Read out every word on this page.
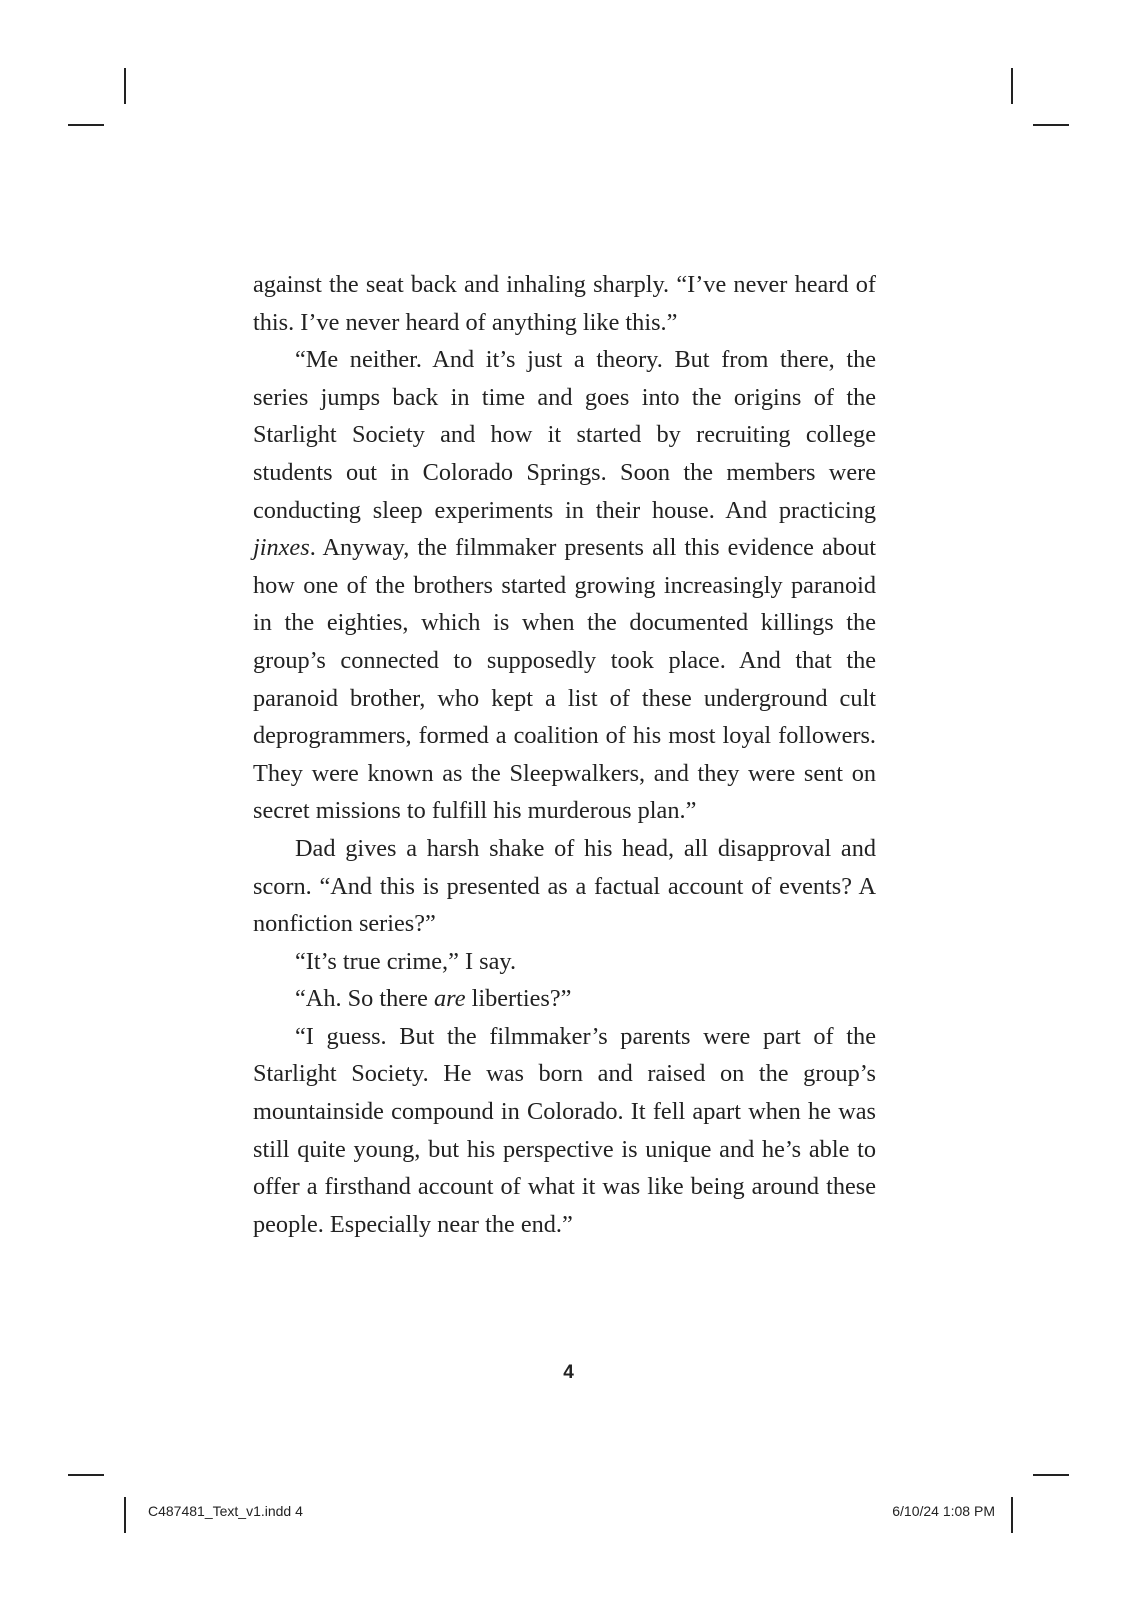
against the seat back and inhaling sharply. “I’ve never heard of this. I’ve never heard of anything like this.”

“Me neither. And it’s just a theory. But from there, the series jumps back in time and goes into the origins of the Starlight Society and how it started by recruiting college students out in Colorado Springs. Soon the members were conducting sleep experiments in their house. And practicing jinxes. Anyway, the filmmaker presents all this evidence about how one of the brothers started growing increasingly paranoid in the eighties, which is when the documented killings the group’s connected to supposedly took place. And that the paranoid brother, who kept a list of these underground cult deprogrammers, formed a coalition of his most loyal followers. They were known as the Sleepwalkers, and they were sent on secret missions to fulfill his murderous plan.”

Dad gives a harsh shake of his head, all disapproval and scorn. “And this is presented as a factual account of events? A nonfiction series?”

“It’s true crime,” I say.

“Ah. So there are liberties?”

“I guess. But the filmmaker’s parents were part of the Starlight Society. He was born and raised on the group’s mountainside compound in Colorado. It fell apart when he was still quite young, but his perspective is unique and he’s able to offer a firsthand account of what it was like being around these people. Especially near the end.”

4
C487481_Text_v1.indd 4	6/10/24 1:08 PM
